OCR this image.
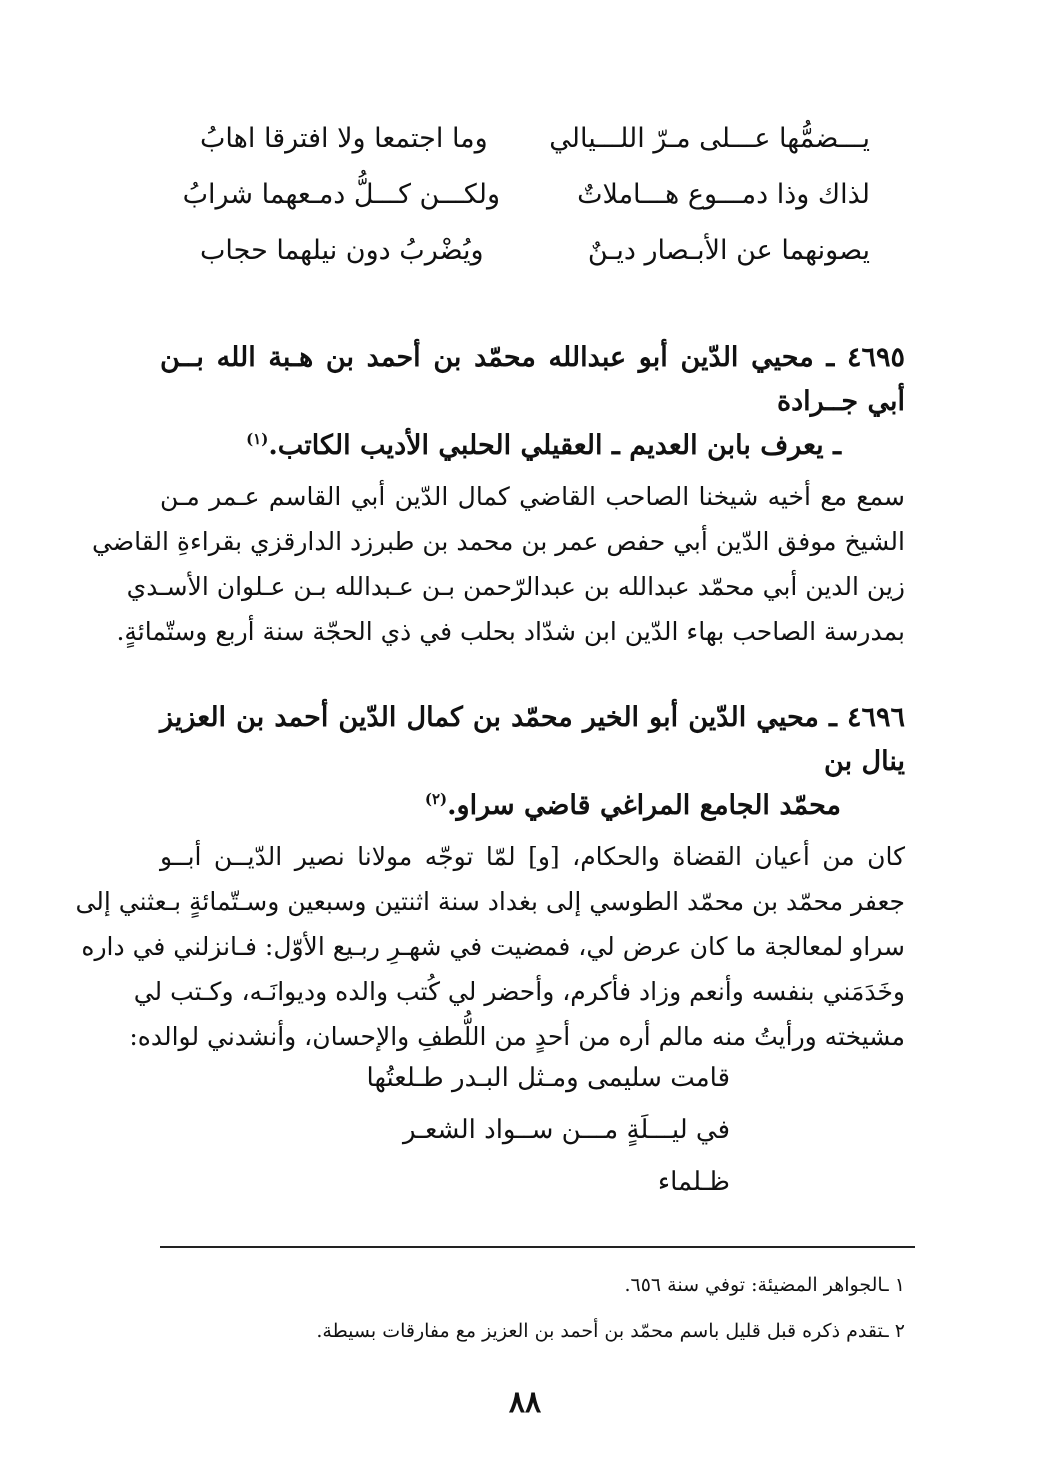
يـــضمُّها عـــلى مـرّ اللـــيالي
وما اجتمعا ولا افترقا اهابُ
لذاك وذا دمـــوع هـــاملاتٌ
ولكـــن كـــلُّ دمـعهما شرابُ
يصونهما عن الأبـصار ديـنٌ
ويُضْربُ دون نيلهما حجاب
٤٦٩٥ ـ محيي الدّين أبو عبدالله محمّد بن أحمد بن هـبة الله بــن أبي جــرادة
ـ يعرف بابن العديم ـ العقيلي الحلبي الأديب الكاتب.$^{(١)}$
سمع مع أخيه شيخنا الصاحب القاضي كمال الدّين أبي القاسم عـمر مـن
الشيخ موفق الدّين أبي حفص عمر بن محمد بن طبرزد الدارقزي بقراءةِ القاضي
زين الدين أبي محمّد عبدالله بن عبدالرّحمن بـن عـبدالله بـن عـلوان الأسـدي
بمدرسة الصاحب بهاء الدّين ابن شدّاد بحلب في ذي الحجّة سنة أربع وستّمائةٍ.
٤٦٩٦ ـ محيي الدّين أبو الخير محمّد بن كمال الدّين أحمد بن العزيز ينال بن
محمّد الجامع المراغي قاضي سراو.$^{(٢)}$
كان من أعيان القضاة والحكام، [و] لمّا توجّه مولانا نصير الدّيــن أبــو
جعفر محمّد بن محمّد الطوسي إلى بغداد سنة اثنتين وسبعين وسـتّمائةٍ بـعثني إلى
سراو لمعالجة ما كان عرض لي، فمضيت في شهـرِ ربـيع الأوّل: فـانزلني في داره
وخَدَمَني بنفسه وأنعم وزاد فأكرم، وأحضر لي كُتب والده وديوانَـه، وكـتب لي
مشيخته ورأيتُ منه مالم أره من أحدٍ من اللُّطفِ والإحسان، وأنشدني لوالده:
قامت سليمى ومـثل البـدر طـلعتُها
في ليـــلَةٍ مـــن ســواد الشعـر ظـلماء
١ ـالجواهر المضيئة: توفي سنة ٦٥٦.
٢ ـتقدم ذكره قبل قليل باسم محمّد بن أحمد بن العزيز مع مفارقات بسيطة.
٨٨
